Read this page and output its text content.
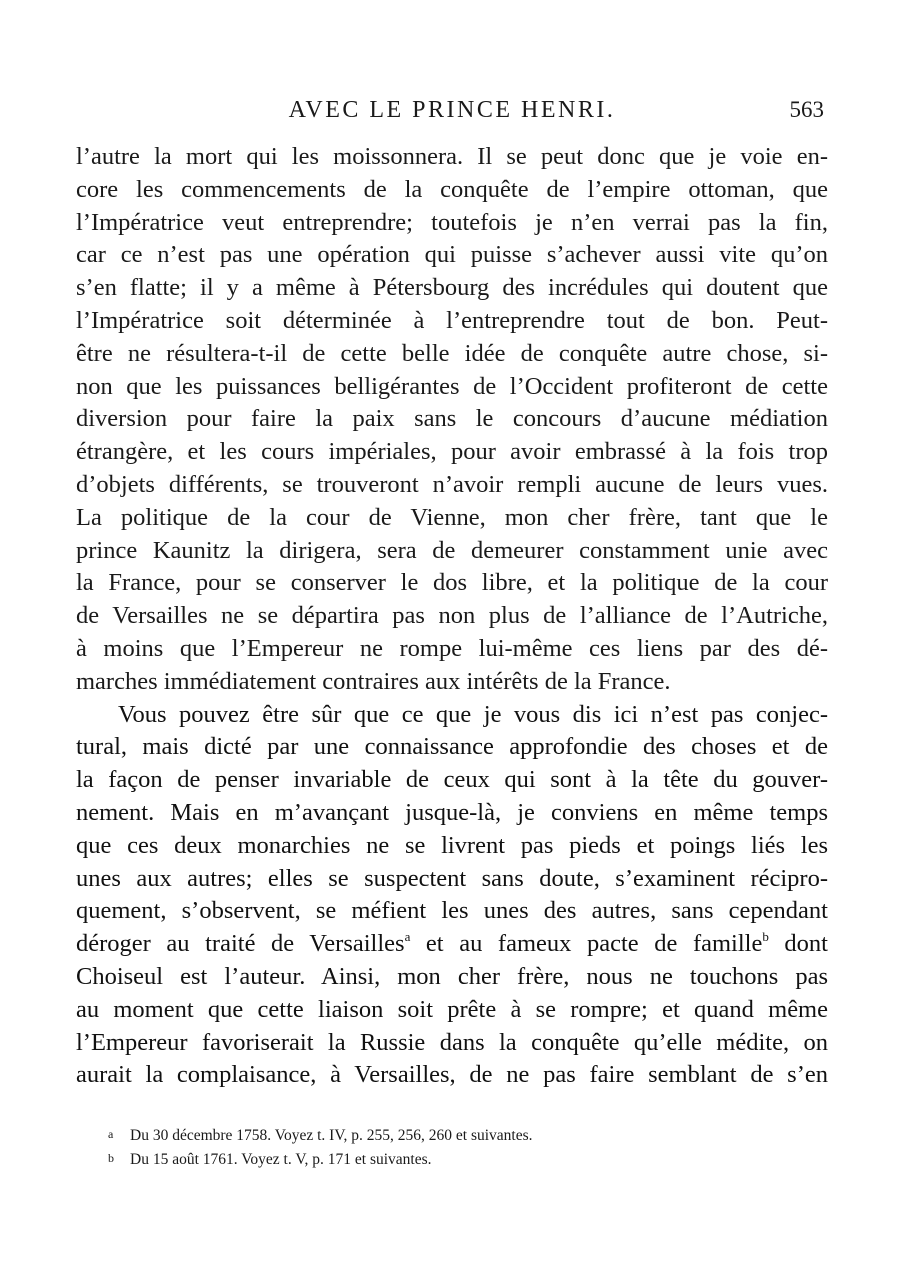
AVEC LE PRINCE HENRI.	563
l’autre la mort qui les moissonnera. Il se peut donc que je voie en-
core les commencements de la conquête de l’empire ottoman, que
l’Impératrice veut entreprendre; toutefois je n’en verrai pas la fin,
car ce n’est pas une opération qui puisse s’achever aussi vite qu’on
s’en flatte; il y a même à Pétersbourg des incrédules qui doutent que
l’Impératrice soit déterminée à l’entreprendre tout de bon. Peut-
être ne résultera-t-il de cette belle idée de conquête autre chose, si-
non que les puissances belligérantes de l’Occident profiteront de cette
diversion pour faire la paix sans le concours d’aucune médiation
étrangère, et les cours impériales, pour avoir embrassé à la fois trop
d’objets différents, se trouveront n’avoir rempli aucune de leurs vues.
La politique de la cour de Vienne, mon cher frère, tant que le
prince Kaunitz la dirigera, sera de demeurer constamment unie avec
la France, pour se conserver le dos libre, et la politique de la cour
de Versailles ne se départira pas non plus de l’alliance de l’Autriche,
à moins que l’Empereur ne rompe lui-même ces liens par des dé-
marches immédiatement contraires aux intérêts de la France.
Vous pouvez être sûr que ce que je vous dis ici n’est pas conjec-
tural, mais dicté par une connaissance approfondie des choses et de
la façon de penser invariable de ceux qui sont à la tête du gouver-
nement. Mais en m’avançant jusque-là, je conviens en même temps
que ces deux monarchies ne se livrent pas pieds et poings liés les
unes aux autres; elles se suspectent sans doute, s’examinent récipro-
quement, s’observent, se méfient les unes des autres, sans cependant
déroger au traité de Versailles$^a$ et au fameux pacte de famille$^b$ dont
Choiseul est l’auteur. Ainsi, mon cher frère, nous ne touchons pas
au moment que cette liaison soit prête à se rompre; et quand même
l’Empereur favoriserait la Russie dans la conquête qu’elle médite, on
aurait la complaisance, à Versailles, de ne pas faire semblant de s’en
a Du 30 décembre 1758. Voyez t. IV, p. 255, 256, 260 et suivantes.
b Du 15 août 1761. Voyez t. V, p. 171 et suivantes.
